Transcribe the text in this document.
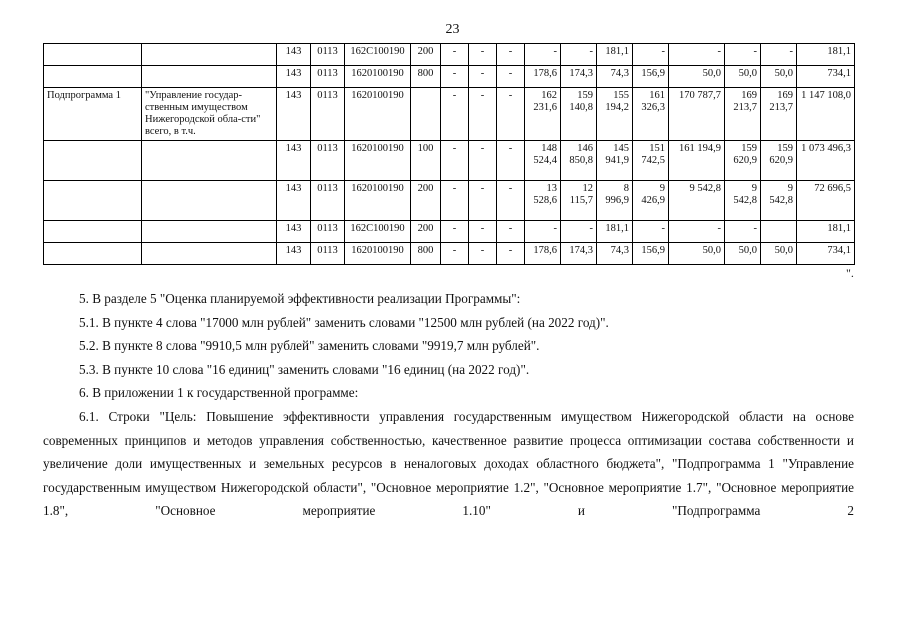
23
		143	0113	162C100190	200	-	-	-	-	-	181,1	-	-	-	-	181,1
		143	0113	1620100190	800	-	-	-	178,6	174,3	74,3	156,9	50,0	50,0	50,0	734,1
Подпрограмма 1	"Управление государ-ственным имуществом Нижегородской обла-сти" всего, в т.ч.	143	0113	1620100190		-	-	-	162 231,6	159 140,8	155 194,2	161 326,3	170 787,7	169 213,7	169 213,7	1 147 108,0
		143	0113	1620100190	100	-	-	-	148 524,4	146 850,8	145 941,9	151 742,5	161 194,9	159 620,9	159 620,9	1 073 496,3
		143	0113	1620100190	200	-	-	-	13 528,6	12 115,7	8 996,9	9 426,9	9 542,8	9 542,8	9 542,8	72 696,5
		143	0113	162C100190	200	-	-	-	-	-	181,1	-	-	-		181,1
		143	0113	1620100190	800	-	-	-	178,6	174,3	74,3	156,9	50,0	50,0	50,0	734,1
".

5. В разделе 5 "Оценка планируемой эффективности реализации Программы":

5.1. В пункте 4 слова "17000 млн рублей" заменить словами "12500 млн рублей (на 2022 год)".

5.2. В пункте 8 слова "9910,5 млн рублей" заменить словами "9919,7 млн рублей".

5.3. В пункте 10 слова "16 единиц" заменить словами "16 единиц (на 2022 год)".

6. В приложении 1 к государственной программе:

6.1. Строки "Цель: Повышение эффективности управления государственным имуществом Нижегородской области на основе современных принципов и методов управления собственностью, качественное развитие процесса оптимизации состава собственности и увеличение доли имущественных и земельных ресурсов в неналоговых доходах областного бюджета", "Подпрограмма 1 "Управление государственным имуществом Нижегородской области", "Основное мероприятие 1.2", "Основное мероприятие 1.7", "Основное мероприятие 1.8", "Основное мероприятие 1.10" и "Подпрограмма 2
